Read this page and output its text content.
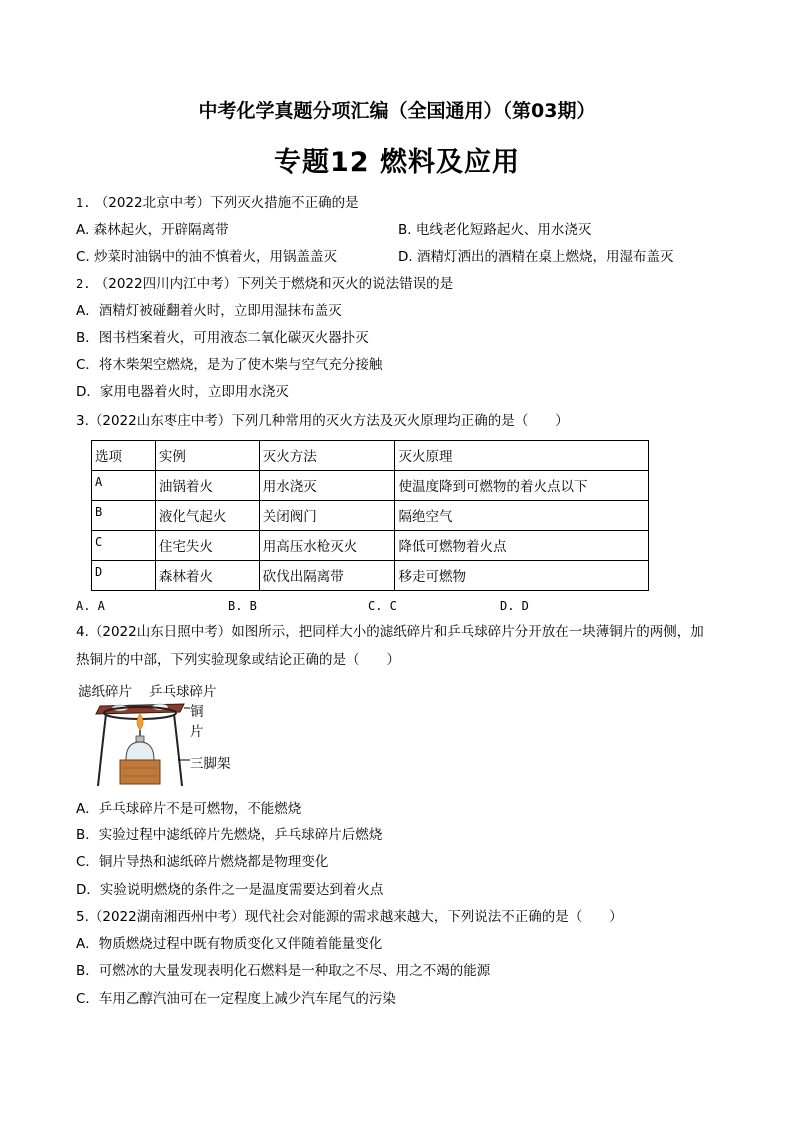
中考化学真题分项汇编（全国通用）（第03期）
专题12 燃料及应用
1. （2022北京中考）下列灭火措施不正确的是
A. 森林起火，开辟隔离带	B. 电线老化短路起火、用水浇灭
C. 炒菜时油锅中的油不慎着火，用锅盖盖灭	D. 酒精灯洒出的酒精在桌上燃烧，用湿布盖灭
2. （2022四川内江中考）下列关于燃烧和灭火的说法错误的是
A．酒精灯被碰翻着火时，立即用湿抹布盖灭
B．图书档案着火，可用液态二氧化碳灭火器扑灭
C．将木柴架空燃烧，是为了使木柴与空气充分接触
D．家用电器着火时，立即用水浇灭
3.（2022山东枣庄中考）下列几种常用的灭火方法及灭火原理均正确的是（　　）
选项	实例	灭火方法	灭火原理
A	油锅着火	用水浇灭	使温度降到可燃物的着火点以下
B	液化气起火	关闭阀门	隔绝空气
C	住宅失火	用高压水枪灭火	降低可燃物着火点
D	森林着火	砍伐出隔离带	移走可燃物
A. A	B. B	C. C	D. D
4.（2022山东日照中考）如图所示，把同样大小的滤纸碎片和乒乓球碎片分开放在一块薄铜片的两侧，加
热铜片的中部，下列实验现象或结论正确的是（　　）
滤纸碎片 乒乓球碎片
铜
片
三脚架
A．乒乓球碎片不是可燃物，不能燃烧
B．实验过程中滤纸碎片先燃烧，乒乓球碎片后燃烧
C．铜片导热和滤纸碎片燃烧都是物理变化
D．实验说明燃烧的条件之一是温度需要达到着火点
5.（2022湖南湘西州中考）现代社会对能源的需求越来越大，下列说法不正确的是（　　）
A．物质燃烧过程中既有物质变化又伴随着能量变化
B．可燃冰的大量发现表明化石燃料是一种取之不尽、用之不竭的能源
C．车用乙醇汽油可在一定程度上减少汽车尾气的污染
